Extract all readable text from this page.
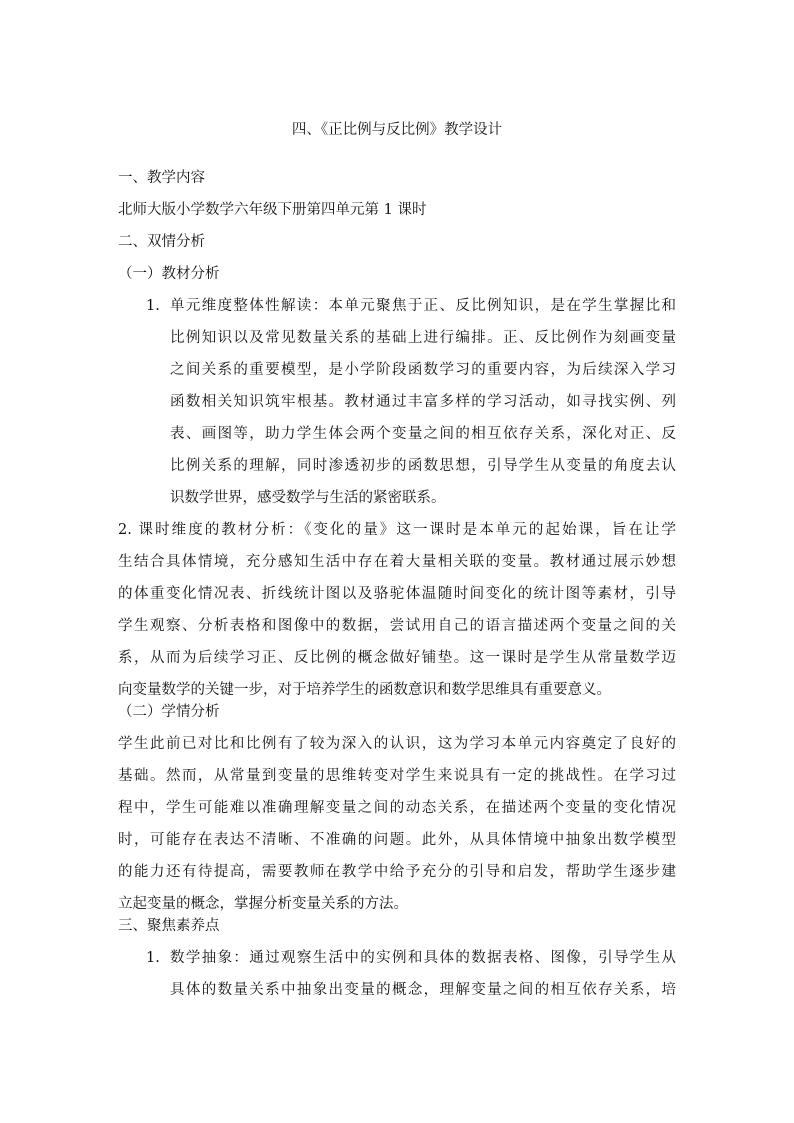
四、《正比例与反比例》教学设计
一、教学内容
北师大版小学数学六年级下册第四单元第 1 课时
二、双情分析
（一）教材分析
1. 单元维度整体性解读：本单元聚焦于正、反比例知识，是在学生掌握比和
比例知识以及常见数量关系的基础上进行编排。正、反比例作为刻画变量
之间关系的重要模型，是小学阶段函数学习的重要内容，为后续深入学习
函数相关知识筑牢根基。教材通过丰富多样的学习活动，如寻找实例、列
表、画图等，助力学生体会两个变量之间的相互依存关系，深化对正、反
比例关系的理解，同时渗透初步的函数思想，引导学生从变量的角度去认
识数学世界，感受数学与生活的紧密联系。
2. 课时维度的教材分析：《变化的量》这一课时是本单元的起始课，旨在让学
生结合具体情境，充分感知生活中存在着大量相关联的变量。教材通过展示妙想
的体重变化情况表、折线统计图以及骆驼体温随时间变化的统计图等素材，引导
学生观察、分析表格和图像中的数据，尝试用自己的语言描述两个变量之间的关
系，从而为后续学习正、反比例的概念做好铺垫。这一课时是学生从常量数学迈
向变量数学的关键一步，对于培养学生的函数意识和数学思维具有重要意义。
（二）学情分析
学生此前已对比和比例有了较为深入的认识，这为学习本单元内容奠定了良好的
基础。然而，从常量到变量的思维转变对学生来说具有一定的挑战性。在学习过
程中，学生可能难以准确理解变量之间的动态关系，在描述两个变量的变化情况
时，可能存在表达不清晰、不准确的问题。此外，从具体情境中抽象出数学模型
的能力还有待提高，需要教师在教学中给予充分的引导和启发，帮助学生逐步建
立起变量的概念，掌握分析变量关系的方法。
三、聚焦素养点
1. 数学抽象：通过观察生活中的实例和具体的数据表格、图像，引导学生从
具体的数量关系中抽象出变量的概念，理解变量之间的相互依存关系，培
